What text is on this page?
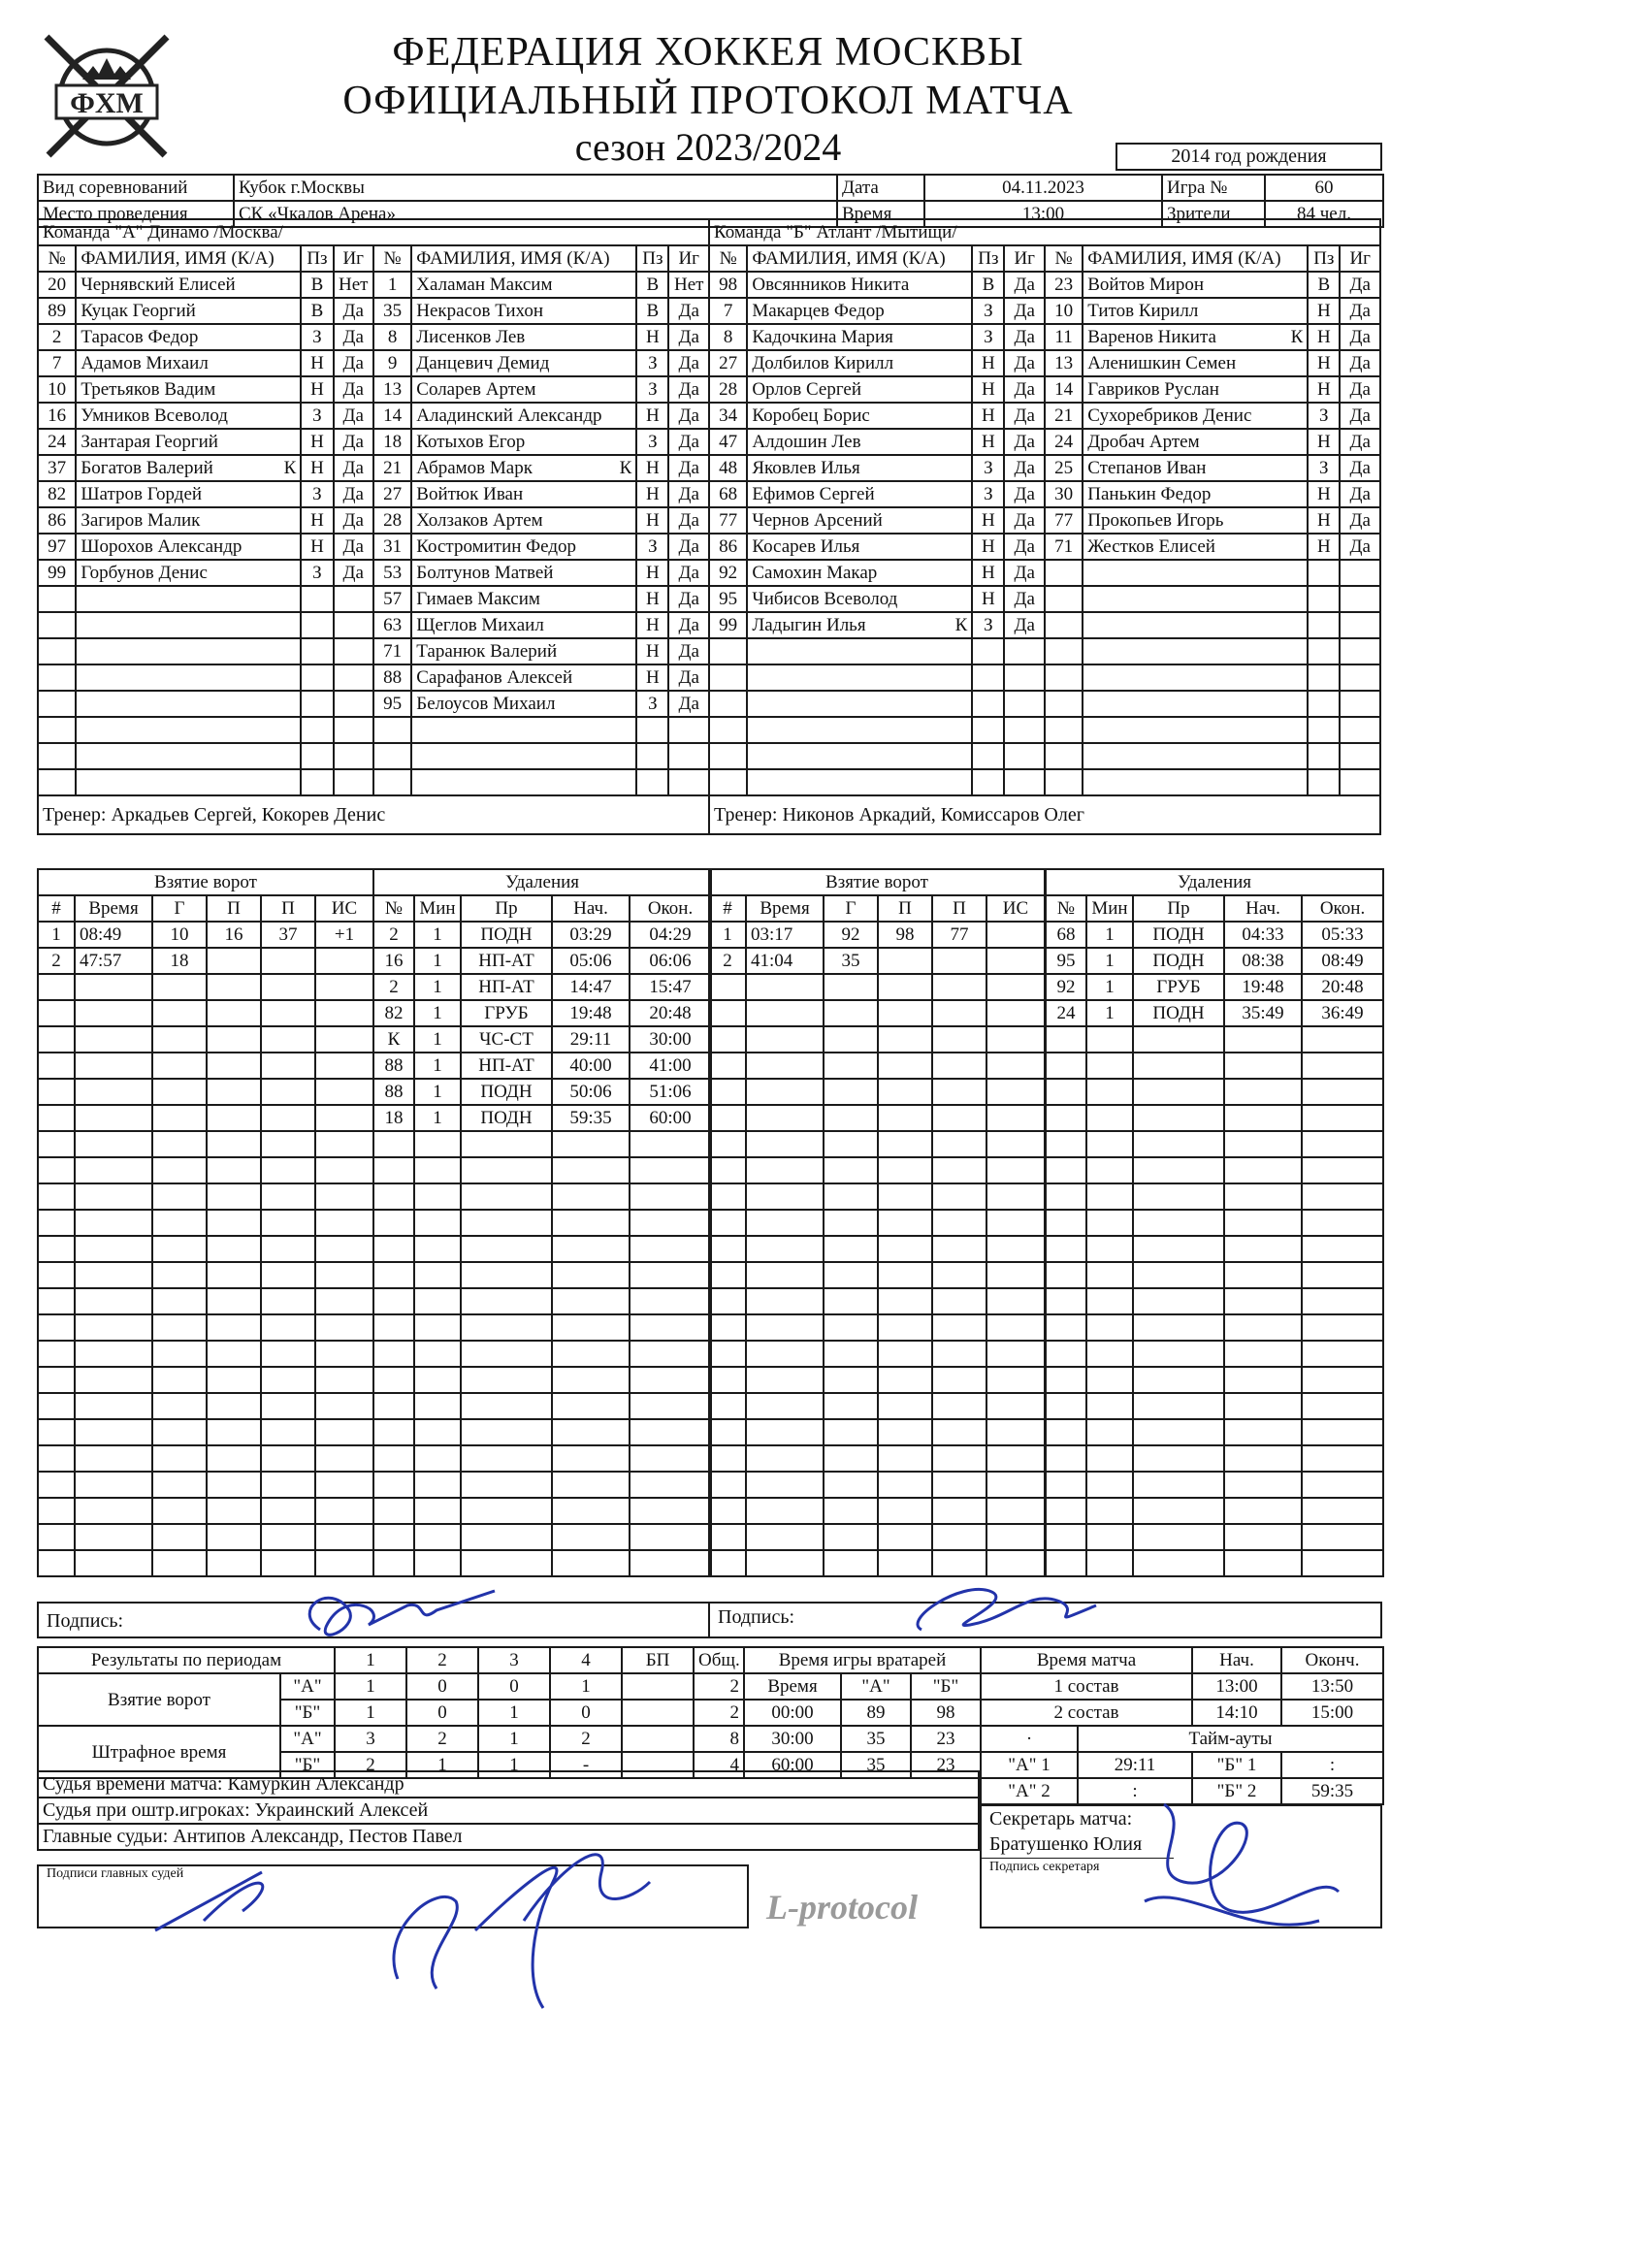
ФХМ
ФЕДЕРАЦИЯ ХОККЕЯ МОСКВЫ
ОФИЦИАЛЬНЫЙ ПРОТОКОЛ МАТЧА
сезон 2023/2024	2014 год рождения
Вид соревнований	Кубок г.Москвы	Дата	04.11.2023	Игра №	60
Место проведения	СК «Чкалов Арена»	Время	13:00	Зрители	84 чел.
Команда "А" Динамо /Москва/							
№	ФАМИЛИЯ, ИМЯ (К/А)	Пз	Иг	№	ФАМИЛИЯ, ИМЯ (К/А)	Пз	Иг
20	Чернявский Елисей	В	Нет	1	Халаман Максим	В	Нет
89	Куцак Георгий	В	Да	35	Некрасов Тихон	В	Да
2	Тарасов Федор	З	Да	8	Лисенков Лев	Н	Да
7	Адамов Михаил	Н	Да	9	Данцевич Демид	З	Да
10	Третьяков Вадим	Н	Да	13	Соларев Артем	З	Да
16	Умников Всеволод	З	Да	14	Аладинский Александр	Н	Да
24	Зантарая Георгий	Н	Да	18	Котыхов Егор	З	Да
37	Богатов Валерий К	Н	Да	21	Абрамов Марк К	Н	Да
82	Шатров Гордей	З	Да	27	Войтюк Иван	Н	Да
86	Загиров Малик	Н	Да	28	Холзаков Артем	Н	Да
97	Шорохов Александр	Н	Да	31	Костромитин Федор	З	Да
99	Горбунов Денис	З	Да	53	Болтунов Матвей	Н	Да
				57	Гимаев Максим	Н	Да
				63	Щеглов Михаил	Н	Да
				71	Таранюк Валерий	Н	Да
				88	Сарафанов Алексей	Н	Да
				95	Белоусов Михаил	З	Да

Тренер: Аркадьев Сергей, Кокорев Денис							
Команда "Б" Атлант /Мытищи/							
№	ФАМИЛИЯ, ИМЯ (К/А)	Пз	Иг	№	ФАМИЛИЯ, ИМЯ (К/А)	Пз	Иг
98	Овсянников Никита	В	Да	23	Войтов Мирон	В	Да
7	Макарцев Федор	З	Да	10	Титов Кирилл	Н	Да
8	Кадочкина Мария	З	Да	11	Варенов Никита К	Н	Да
27	Долбилов Кирилл	Н	Да	13	Аленишкин Семен	Н	Да
28	Орлов Сергей	Н	Да	14	Гавриков Руслан	Н	Да
34	Коробец Борис	Н	Да	21	Сухоребриков Денис	З	Да
47	Алдошин Лев	Н	Да	24	Дробач Артем	Н	Да
48	Яковлев Илья	З	Да	25	Степанов Иван	З	Да
68	Ефимов Сергей	З	Да	30	Панькин Федор	Н	Да
77	Чернов Арсений	Н	Да	77	Прокопьев Игорь	Н	Да
86	Косарев Илья	Н	Да	71	Жестков Елисей	Н	Да
92	Самохин Макар	Н	Да				
95	Чибисов Всеволод	Н	Да				
99	Ладыгин Илья К	З	Да				

Тренер: Никонов Аркадий, Комиссаров Олег							
Взятие ворот					
#	Время	Г	П	П	ИС
1	08:49	10	16	37	+1
2	47:57	18			

Удаления				
№	Мин	Пр	Нач.	Окон.
2	1	ПОДН	03:29	04:29
16	1	НП-АТ	05:06	06:06
2	1	НП-АТ	14:47	15:47
82	1	ГРУБ	19:48	20:48
К	1	ЧС-СТ	29:11	30:00
88	1	НП-АТ	40:00	41:00
88	1	ПОДН	50:06	51:06
18	1	ПОДН	59:35	60:00

Взятие ворот					
#	Время	Г	П	П	ИС
1	03:17	92	98	77	
2	41:04	35			

Удаления				
№	Мин	Пр	Нач.	Окон.
68	1	ПОДН	04:33	05:33
95	1	ПОДН	08:38	08:49
92	1	ГРУБ	19:48	20:48
24	1	ПОДН	35:49	36:49

Подпись:	Подпись:
Результаты по периодам		1	2	3	4	БП	Общ.
Взятие ворот	"А"	1	0	0	1		2
	"Б"	1	0	1	0		2
Штрафное время	"А"	3	2	1	2		8
	"Б"	2	1	1	-		4
Время игры вратарей		
Время	"А"	"Б"
00:00	89	98
30:00	35	23
60:00	35	23
Время матча		Нач.	Оконч.
1 состав		13:00	13:50
2 состав		14:10	15:00
·	Тайм-ауты		
"А" 1	29:11	"Б" 1	:
"А" 2	:	"Б" 2	59:35
Судья времени матча: Камуркин Александр
Судья при оштр.игроках: Украинский Алексей
Главные судьи: Антипов Александр, Пестов Павел
Подписи главных судей
Секретарь матча:
Братушенко Юлия
Подпись секретаря
L-protocol
